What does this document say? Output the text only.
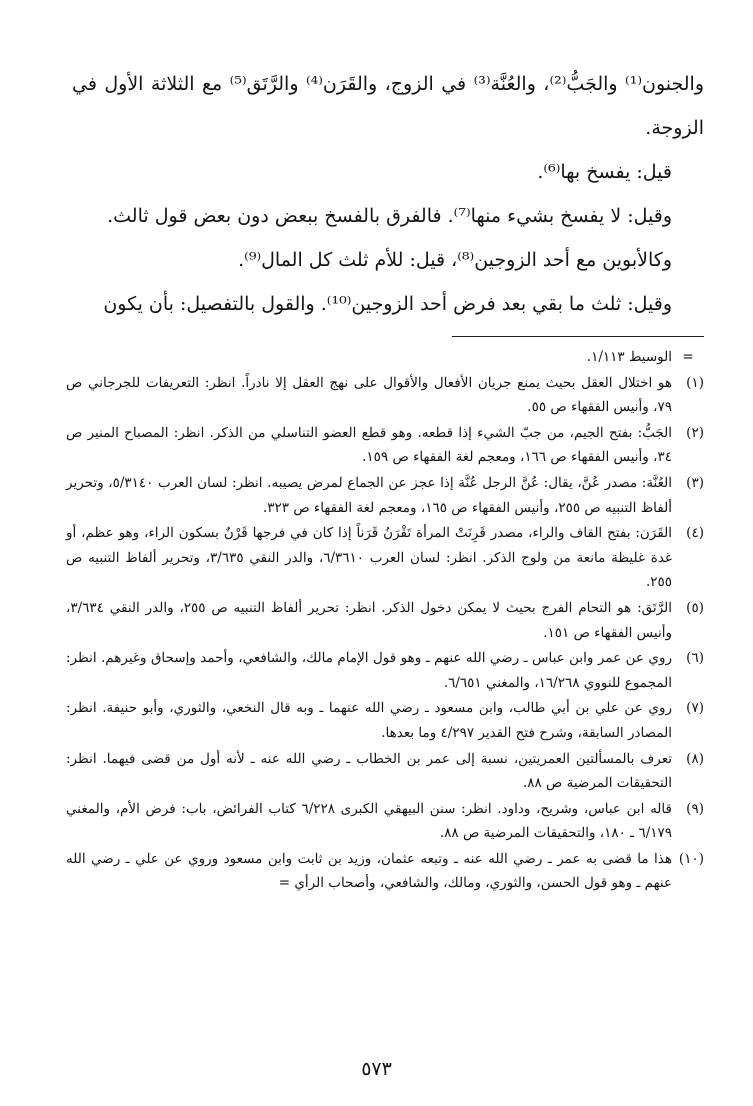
والجنون⁽¹⁾ والجَبُّ⁽²⁾، والعُنَّة⁽³⁾ في الزوج، والقَرَن⁽⁴⁾ والرَّتَق⁽⁵⁾ مع الثلاثة الأول في الزوجة.

قيل: يفسخ بها⁽⁶⁾.

وقيل: لا يفسخ بشيء منها⁽⁷⁾. فالفرق بالفسخ ببعض دون بعض قول ثالث.

وكالأبوين مع أحد الزوجين⁽⁸⁾، قيل: للأم ثلث كل المال⁽⁹⁾.

وقيل: ثلث ما بقي بعد فرض أحد الزوجين⁽¹⁰⁾. والقول بالتفصيل: بأن يكون

=
الوسيط ١/١١٣.
(١)
هو اختلال العقل بحيث يمنع جريان الأفعال والأقوال على نهج العقل إلا نادراً. انظر: التعريفات للجرجاني ص ٧٩، وأنيس الفقهاء ص ٥٥.
(٢)
الجَبُّ: بفتح الجيم، من جبّ الشيء إذا قطعه. وهو قطع العضو التناسلي من الذكر. انظر: المصباح المنير ص ٣٤، وأنيس الفقهاء ص ١٦٦، ومعجم لغة الفقهاء ص ١٥٩.
(٣)
العُنَّة: مصدر عُنَّ، يقال: عُنَّ الرجل عُنَّة إذا عجز عن الجماع لمرض يصيبه. انظر: لسان العرب ٥/٣١٤٠، وتحرير ألفاظ التنبيه ص ٢٥٥، وأنيس الفقهاء ص ١٦٥، ومعجم لغة الفقهاء ص ٣٢٣.
(٤)
القَرَن: بفتح القاف والراء، مصدر قَرِنَتْ المرأة تَقْرَنُ قَرَناً إذا كان في فرجها قَرْنٌ بسكون الراء، وهو عظم، أو غدة غليظة مانعة من ولوج الذكر. انظر: لسان العرب ٦/٣٦١٠، والدر النقي ٣/٦٣٥، وتحرير ألفاظ التنبيه ص ٢٥٥.
(٥)
الرَّتَق: هو التحام الفرج بحيث لا يمكن دخول الذكر. انظر: تحرير ألفاظ التنبيه ص ٢٥٥، والدر النقي ٣/٦٣٤، وأنيس الفقهاء ص ١٥١.
(٦)
روي عن عمر وابن عباس ـ رضي الله عنهم ـ وهو قول الإمام مالك، والشافعي، وأحمد وإسحاق وغيرهم. انظر: المجموع للنووي ١٦/٢٦٨، والمغني ٦/٦٥١.
(٧)
روي عن علي بن أبي طالب، وابن مسعود ـ رضي الله عنهما ـ وبه قال النخعي، والثوري، وأبو حنيفة. انظر: المصادر السابقة، وشرح فتح القدير ٤/٢٩٧ وما بعدها.
(٨)
تعرف بالمسألتين العمريتين، نسبة إلى عمر بن الخطاب ـ رضي الله عنه ـ لأنه أول من قضى فيهما. انظر: التحقيقات المرضية ص ٨٨.
(٩)
قاله ابن عباس، وشريح، وداود. انظر: سنن البيهقي الكبرى ٦/٢٢٨ كتاب الفرائض، باب: فرض الأم، والمغني ٦/١٧٩ ـ ١٨٠، والتحقيقات المرضية ص ٨٨.
(١٠)
هذا ما قضى به عمر ـ رضي الله عنه ـ وتبعه عثمان، وزيد بن ثابت وابن مسعود وروي عن علي ـ رضي الله عنهم ـ وهو قول الحسن، والثوري، ومالك، والشافعي، وأصحاب الرأي =
٥٧٣
